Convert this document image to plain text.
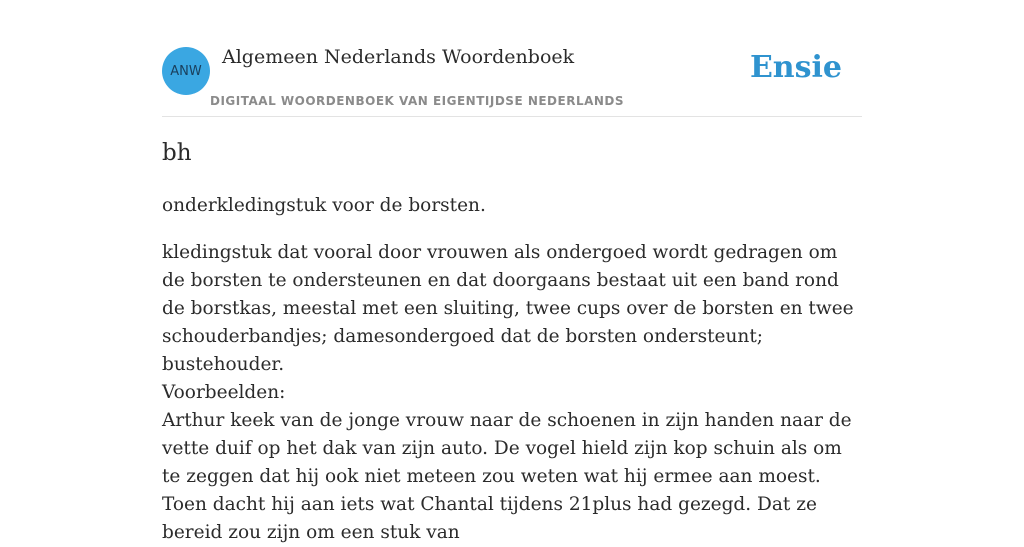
ANW
Algemeen Nederlands Woordenboek
DIGITAAL WOORDENBOEK VAN EIGENTIJDSE NEDERLANDS
Ensie
bh
onderkledingstuk voor de borsten.
kledingstuk dat vooral door vrouwen als ondergoed wordt gedragen om de borsten te ondersteunen en dat doorgaans bestaat uit een band rond de borstkas, meestal met een sluiting, twee cups over de borsten en twee schouderbandjes; damesondergoed dat de borsten ondersteunt; bustehouder.
Voorbeelden:
Arthur keek van de jonge vrouw naar de schoenen in zijn handen naar de vette duif op het dak van zijn auto. De vogel hield zijn kop schuin als om te zeggen dat hij ook niet meteen zou weten wat hij ermee aan moest. Toen dacht hij aan iets wat Chantal tijdens 21plus had gezegd. Dat ze bereid zou zijn om een stuk van
